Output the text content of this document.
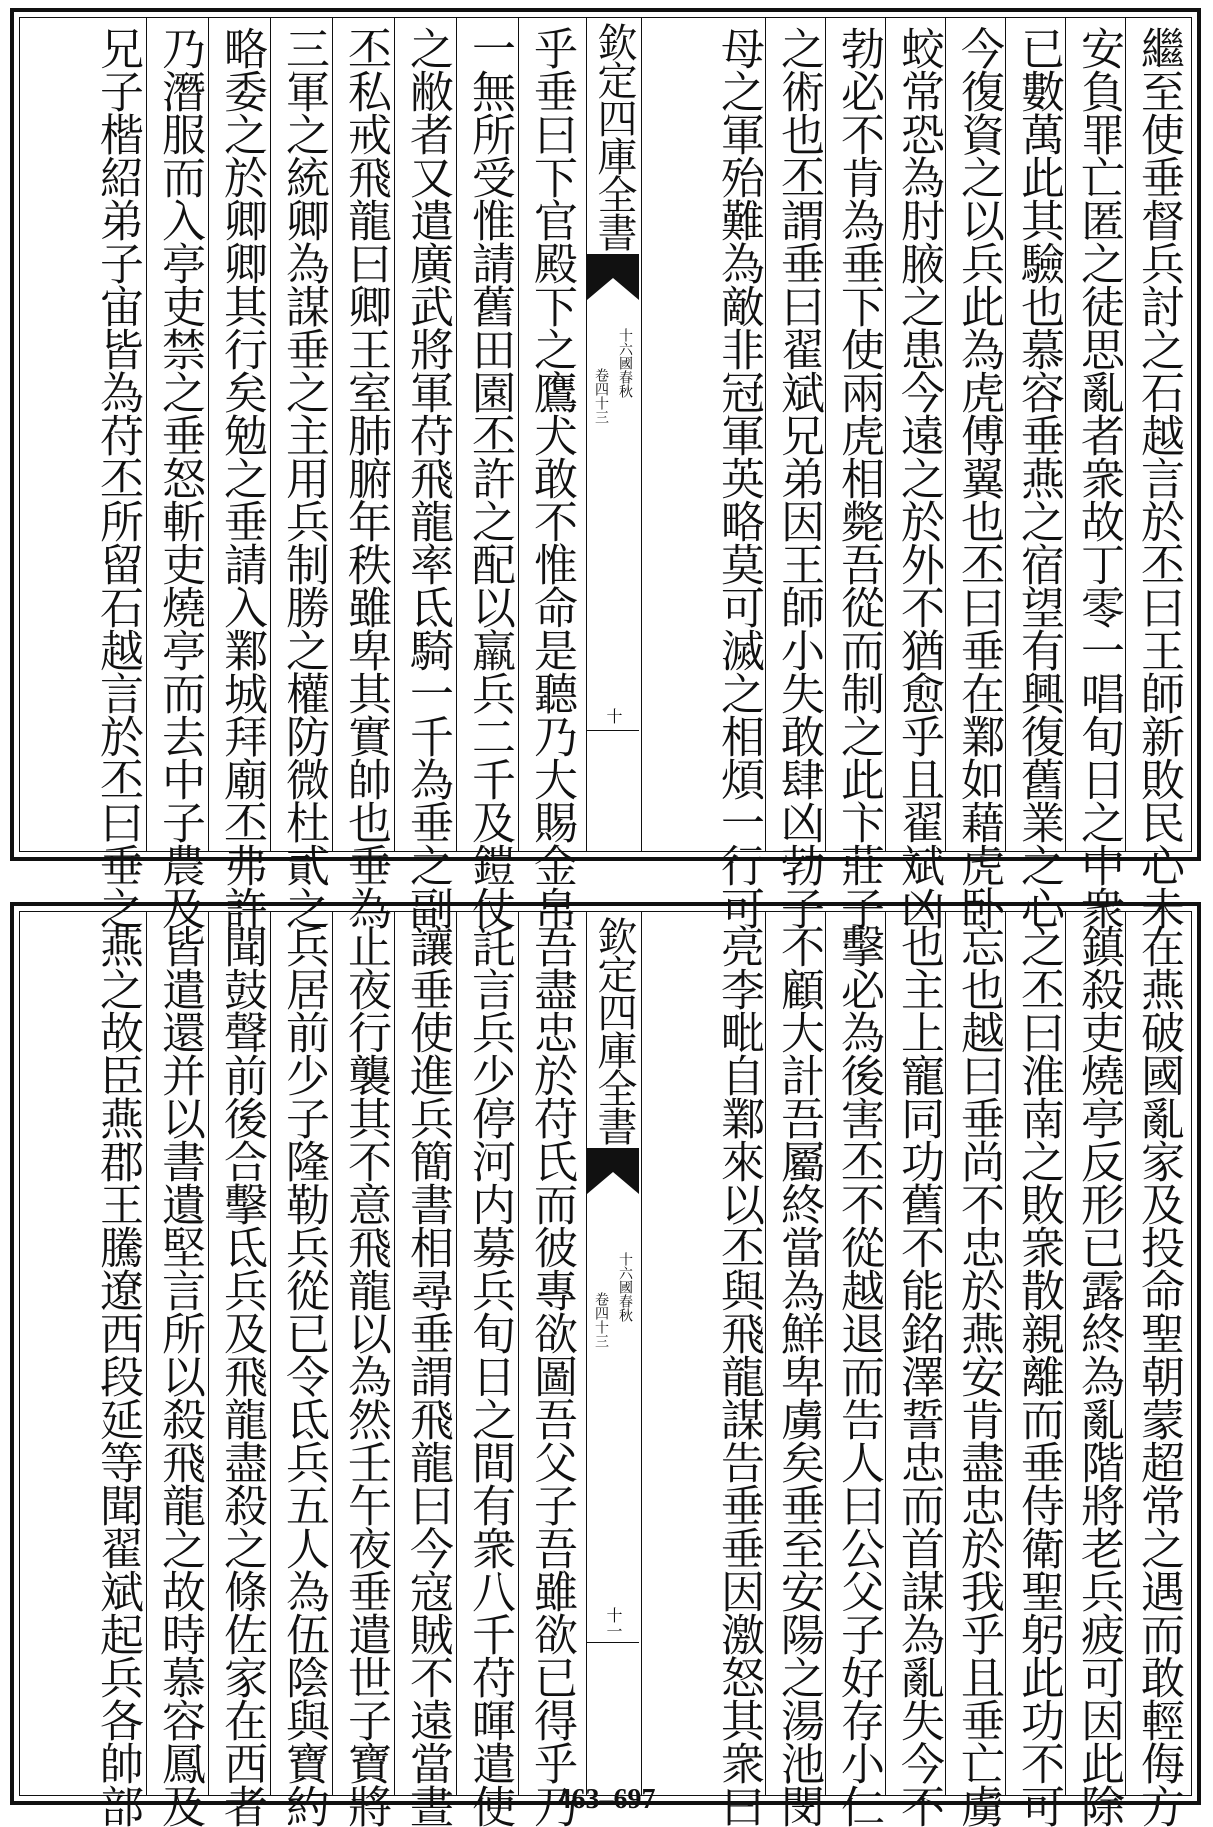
繼至使垂督兵討之石越言於丕曰王師新敗民心未
安負罪亡匿之徒思亂者衆故丁零一唱旬日之中衆
已數萬此其驗也慕容垂燕之宿望有興復舊業之心
今復資之以兵此為虎傅翼也丕曰垂在鄴如藉虎卧
蛟常恐為肘腋之患今遠之於外不猶愈乎且翟斌凶
勃必不肯為垂下使兩虎相斃吾從而制之此卞莊子
之術也丕謂垂曰翟斌兄弟因王師小失敢肆凶勃子
母之軍殆難為敵非冠軍英略莫可滅之相煩一行可
欽定四庫全書
十六國春秋
卷四十三
十
乎垂曰下官殿下之鷹犬敢不惟命是聽乃大賜金帛
一無所受惟請舊田園丕許之配以羸兵二千及鎧仗
之敝者又遣廣武將軍苻飛龍率氐騎一千為垂之副
丕私戒飛龍曰卿王室肺腑年秩雖卑其實帥也垂為
三軍之統卿為謀垂之主用兵制勝之權防微杜貳之
略委之於卿卿其行矣勉之垂請入鄴城拜廟丕弗許
乃潛服而入亭吏禁之垂怒斬吏燒亭而去中子農及
兄子楷紹弟子宙皆為苻丕所留石越言於丕曰垂之
在燕破國亂家及投命聖朝蒙超常之遇而敢輕侮方
鎮殺吏燒亭反形已露終為亂階將老兵疲可因此除
之丕曰淮南之敗衆散親離而垂侍衛聖躬此功不可
忘也越曰垂尚不忠於燕安肯盡忠於我乎且垂亡虜
也主上寵同功舊不能銘澤誓忠而首謀為亂失今不
擊必為後害丕不從越退而告人曰公父子好存小仁
不顧大計吾屬終當為鮮卑虜矣垂至安陽之湯池閔
亮李毗自鄴來以丕與飛龍謀告垂垂因激怒其衆曰
欽定四庫全書
十六國春秋
卷四十三
十一
吾盡忠於苻氏而彼專欲圖吾父子吾雖欲已得乎乃
託言兵少停河内募兵旬日之間有衆八千苻暉遣使
讓垂使進兵簡書相尋垂謂飛龍曰今寇賊不遠當晝
止夜行襲其不意飛龍以為然壬午夜垂遣世子寶將
兵居前少子隆勒兵從已令氐兵五人為伍陰與寶約
聞鼓聲前後合擊氐兵及飛龍盡殺之條佐家在西者
皆遣還并以書遺堅言所以殺飛龍之故時慕容鳳及
燕之故臣燕郡王騰遼西段延等聞翟斌起兵各帥部	463–697
